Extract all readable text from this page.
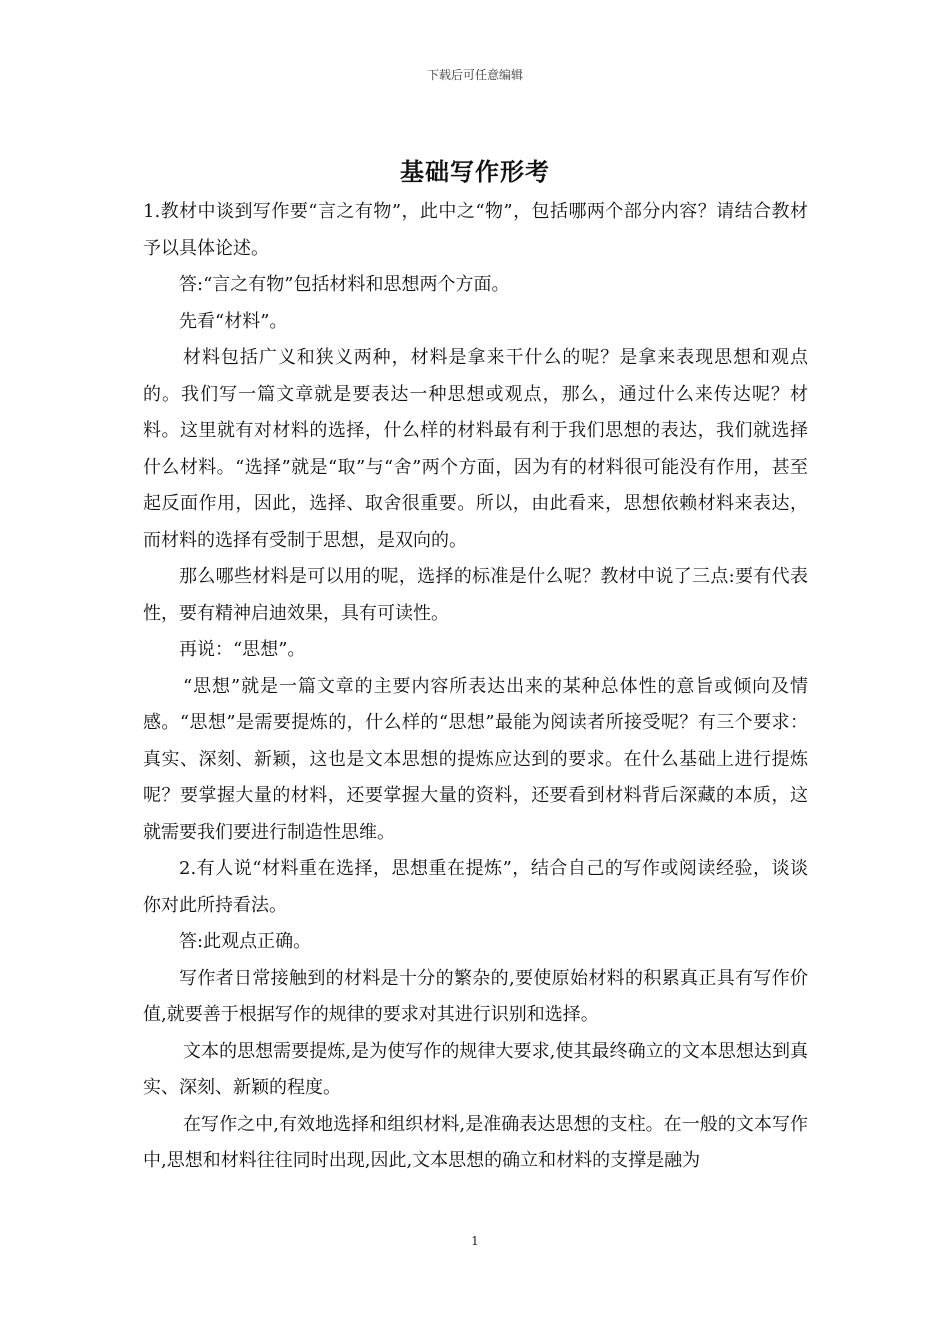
下载后可任意编辑
基础写作形考

1.教材中谈到写作要“言之有物”，此中之“物”，包括哪两个部分内容？请结合教材予以具体论述。

答:“言之有物”包括材料和思想两个方面。

先看“材料”。

材料包括广义和狭义两种，材料是拿来干什么的呢？是拿来表现思想和观点的。我们写一篇文章就是要表达一种思想或观点，那么，通过什么来传达呢？材料。这里就有对材料的选择，什么样的材料最有利于我们思想的表达，我们就选择什么材料。“选择”就是“取”与“舍”两个方面，因为有的材料很可能没有作用，甚至起反面作用，因此，选择、取舍很重要。所以，由此看来，思想依赖材料来表达，而材料的选择有受制于思想，是双向的。

那么哪些材料是可以用的呢，选择的标准是什么呢？教材中说了三点:要有代表性，要有精神启迪效果，具有可读性。

再说：“思想”。

“思想”就是一篇文章的主要内容所表达出来的某种总体性的意旨或倾向及情感。“思想”是需要提炼的，什么样的“思想”最能为阅读者所接受呢？有三个要求：真实、深刻、新颖，这也是文本思想的提炼应达到的要求。在什么基础上进行提炼呢？要掌握大量的材料，还要掌握大量的资料，还要看到材料背后深藏的本质，这就需要我们要进行制造性思维。

2.有人说“材料重在选择，思想重在提炼”，结合自己的写作或阅读经验，谈谈你对此所持看法。

答:此观点正确。

写作者日常接触到的材料是十分的繁杂的,要使原始材料的积累真正具有写作价值,就要善于根据写作的规律的要求对其进行识别和选择。

文本的思想需要提炼,是为使写作的规律大要求,使其最终确立的文本思想达到真实、深刻、新颖的程度。

在写作之中,有效地选择和组织材料,是准确表达思想的支柱。在一般的文本写作中,思想和材料往往同时出现,因此,文本思想的确立和材料的支撑是融为

1
